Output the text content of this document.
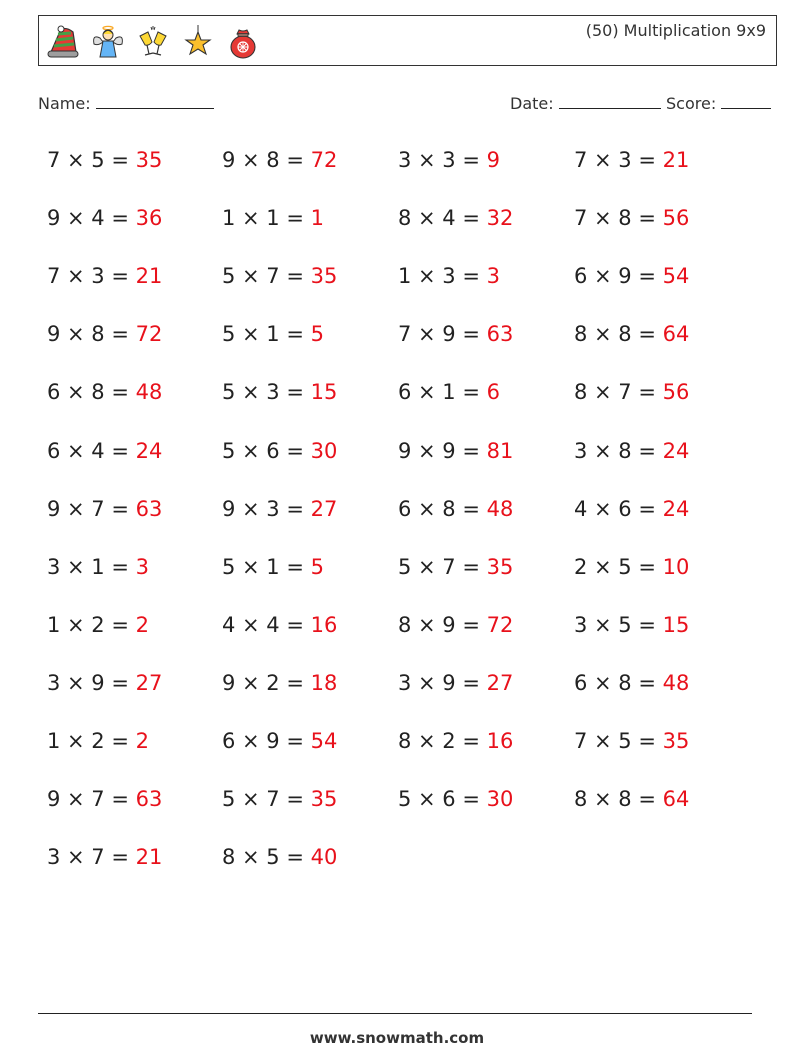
(50) Multiplication 9x9
Name:	Date:	Score:
7 × 5 = 35	9 × 8 = 72	3 × 3 = 9	7 × 3 = 21
9 × 4 = 36	1 × 1 = 1	8 × 4 = 32	7 × 8 = 56
7 × 3 = 21	5 × 7 = 35	1 × 3 = 3	6 × 9 = 54
9 × 8 = 72	5 × 1 = 5	7 × 9 = 63	8 × 8 = 64
6 × 8 = 48	5 × 3 = 15	6 × 1 = 6	8 × 7 = 56
6 × 4 = 24	5 × 6 = 30	9 × 9 = 81	3 × 8 = 24
9 × 7 = 63	9 × 3 = 27	6 × 8 = 48	4 × 6 = 24
3 × 1 = 3	5 × 1 = 5	5 × 7 = 35	2 × 5 = 10
1 × 2 = 2	4 × 4 = 16	8 × 9 = 72	3 × 5 = 15
3 × 9 = 27	9 × 2 = 18	3 × 9 = 27	6 × 8 = 48
1 × 2 = 2	6 × 9 = 54	8 × 2 = 16	7 × 5 = 35
9 × 7 = 63	5 × 7 = 35	5 × 6 = 30	8 × 8 = 64
3 × 7 = 21	8 × 5 = 40
www.snowmath.com
